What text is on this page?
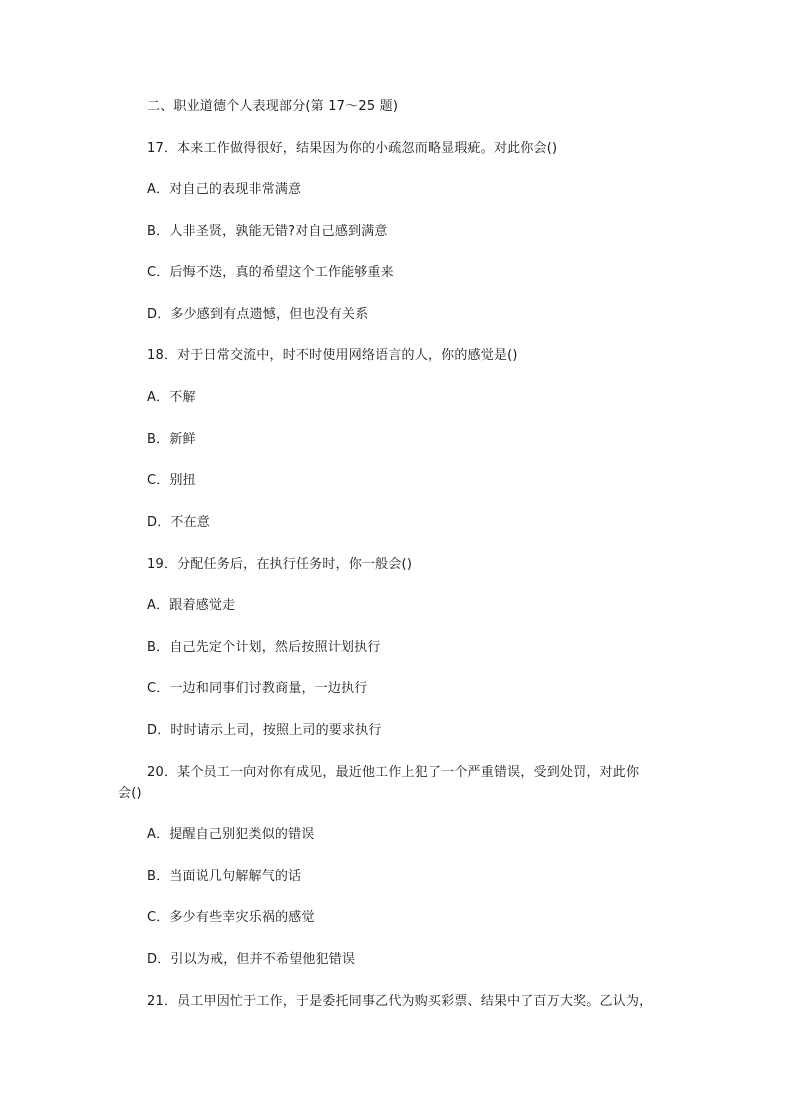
二、职业道德个人表现部分(第 17～25 题)
17．本来工作做得很好，结果因为你的小疏忽而略显瑕疵。对此你会()
A．对自己的表现非常满意
B．人非圣贤，孰能无错?对自己感到满意
C．后悔不迭，真的希望这个工作能够重来
D．多少感到有点遗憾，但也没有关系
18．对于日常交流中，时不时使用网络语言的人，你的感觉是()
A．不解
B．新鲜
C．别扭
D．不在意
19．分配任务后，在执行任务时，你一般会()
A．跟着感觉走
B．自己先定个计划，然后按照计划执行
C．一边和同事们讨教商量，一边执行
D．时时请示上司，按照上司的要求执行
20．某个员工一向对你有成见，最近他工作上犯了一个严重错误，受到处罚，对此你
会()
A．提醒自己别犯类似的错误
B．当面说几句解解气的话
C．多少有些幸灾乐祸的感觉
D．引以为戒，但并不希望他犯错误
21．员工甲因忙于工作，于是委托同事乙代为购买彩票、结果中了百万大奖。乙认为，
